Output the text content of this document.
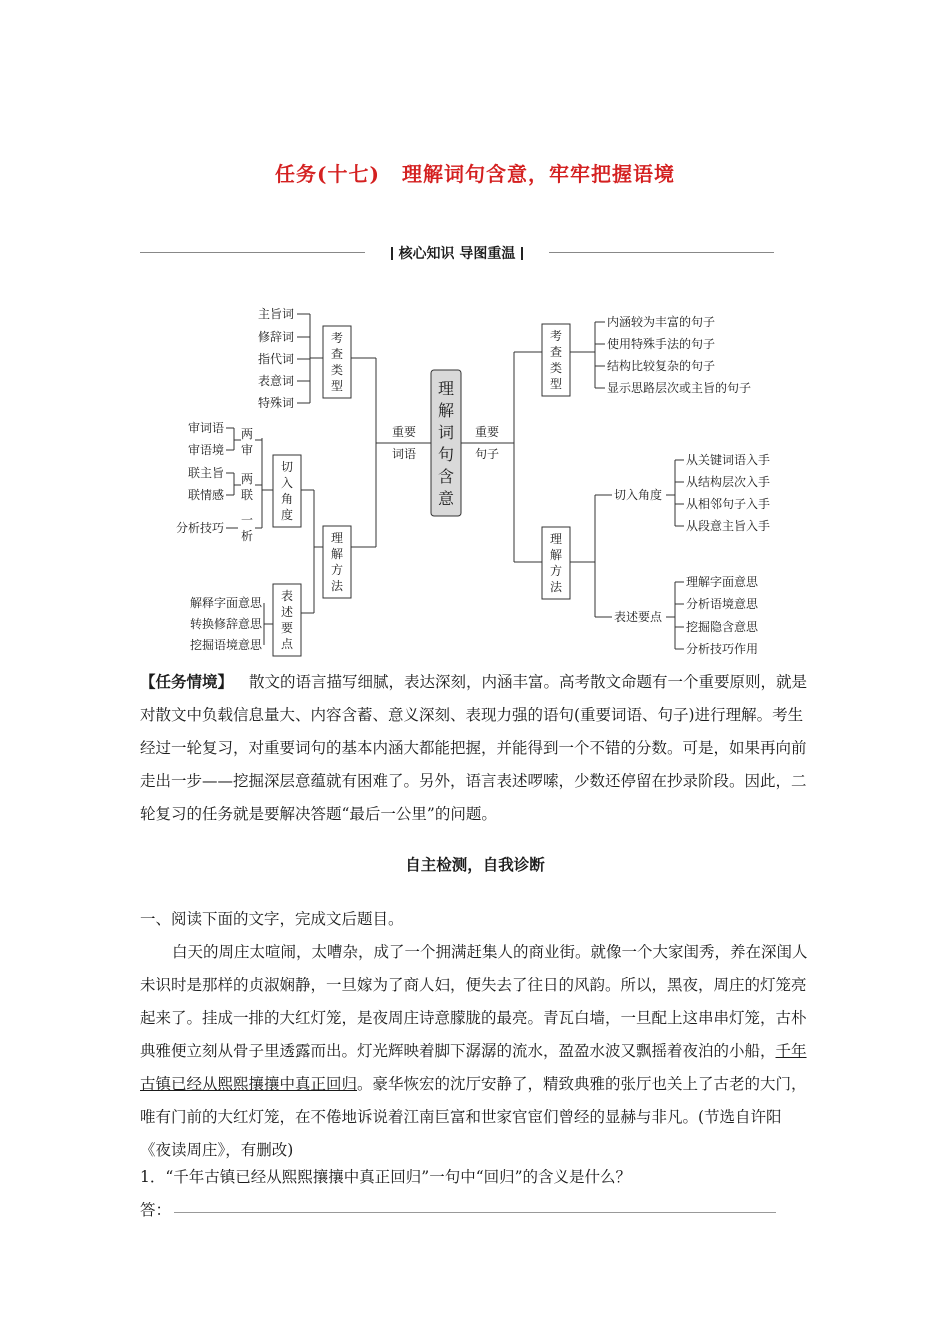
任务(十七) 理解词句含意，牢牢把握语境
核心知识 导图重温
理
解
词
句
含
意
重要
词语
考
查
类
型
主旨词
修辞词
指代词
表意词
特殊词
理
解
方
法
切
入
角
度
审词语
审语境
两
审
联主旨
联情感
两
联
分析技巧
一
析
表
述
要
点
解释字面意思
转换修辞意思
挖掘语境意思
重要
句子
考
查
类
型
内涵较为丰富的句子
使用特殊手法的句子
结构比较复杂的句子
显示思路层次或主旨的句子
理
解
方
法
切入角度
从关键词语入手
从结构层次入手
从相邻句子入手
从段意主旨入手
表述要点
理解字面意思
分析语境意思
挖掘隐含意思
分析技巧作用
【任务情境】 散文的语言描写细腻，表达深刻，内涵丰富。高考散文命题有一个重要原则，就是对散文中负载信息量大、内容含蓄、意义深刻、表现力强的语句(重要词语、句子)进行理解。考生经过一轮复习，对重要词句的基本内涵大都能把握，并能得到一个不错的分数。可是，如果再向前走出一步——挖掘深层意蕴就有困难了。另外，语言表述啰嗦，少数还停留在抄录阶段。因此，二轮复习的任务就是要解决答题“最后一公里”的问题。
自主检测，自我诊断
一、阅读下面的文字，完成文后题目。
白天的周庄太喧闹，太嘈杂，成了一个拥满赶集人的商业街。就像一个大家闺秀，养在深闺人未识时是那样的贞淑娴静，一旦嫁为了商人妇，便失去了往日的风韵。所以，黑夜，周庄的灯笼亮起来了。挂成一排的大红灯笼，是夜周庄诗意朦胧的最亮。青瓦白墙，一旦配上这串串灯笼，古朴典雅便立刻从骨子里透露而出。灯光辉映着脚下潺潺的流水，盈盈水波又飘摇着夜泊的小船，千年古镇已经从熙熙攘攘中真正回归。豪华恢宏的沈厅安静了，精致典雅的张厅也关上了古老的大门，唯有门前的大红灯笼，在不倦地诉说着江南巨富和世家官宦们曾经的显赫与非凡。(节选自许阳《夜读周庄》，有删改)
1．“千年古镇已经从熙熙攘攘中真正回归”一句中“回归”的含义是什么？
答：
